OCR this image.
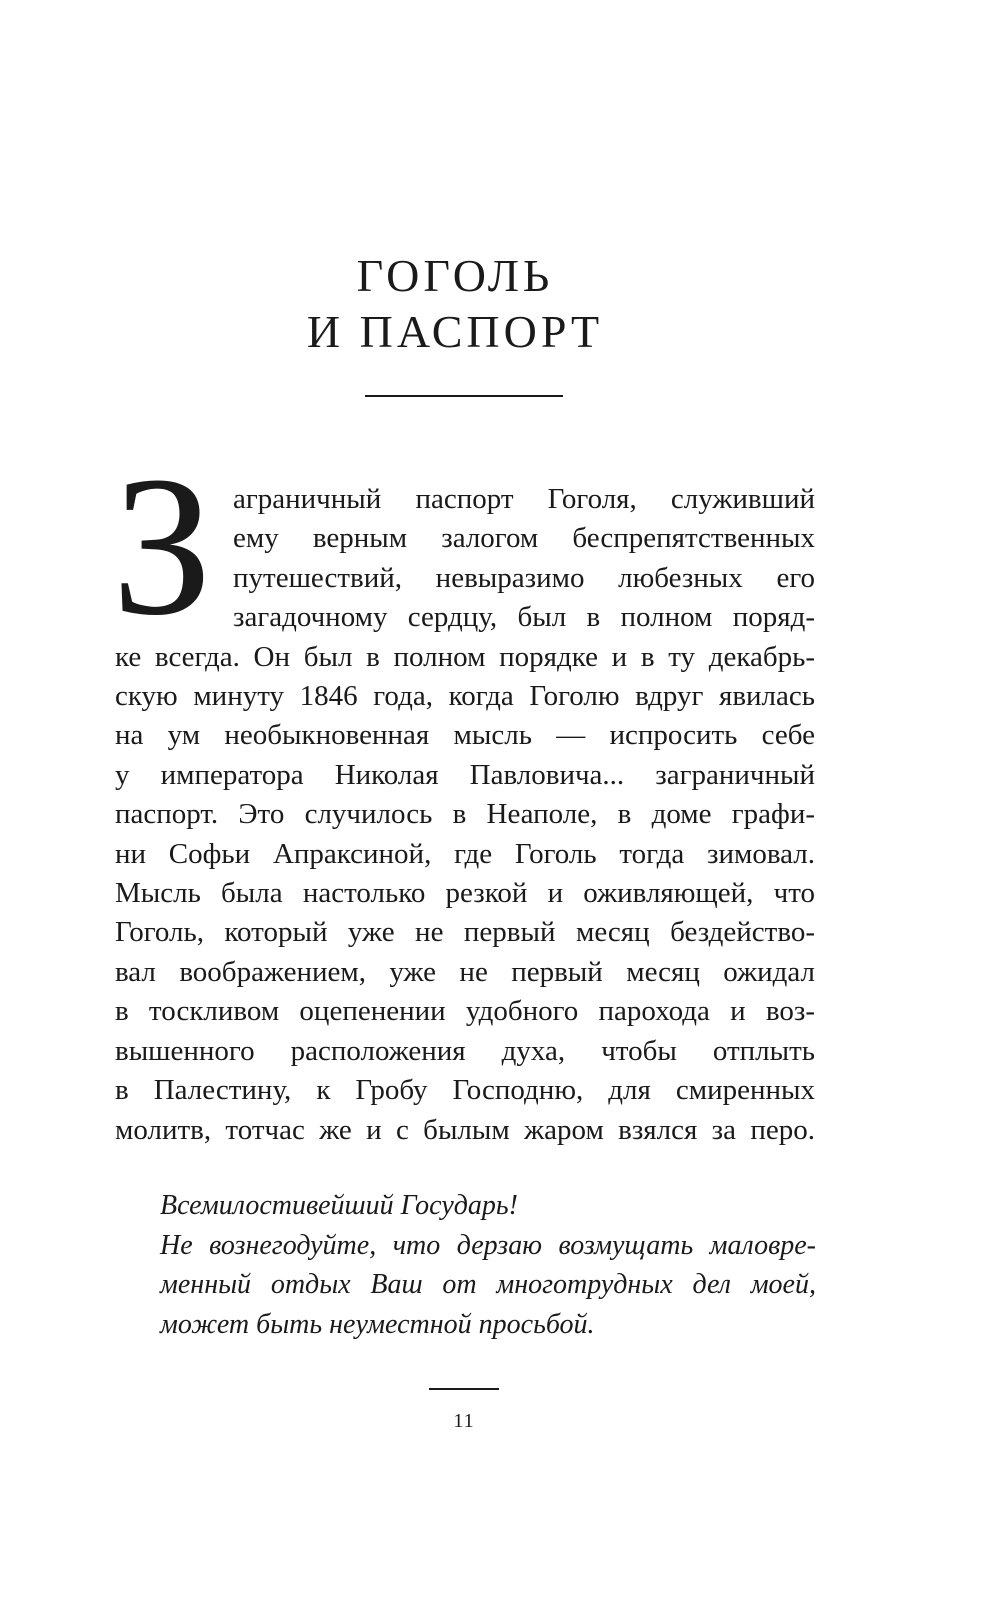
ГОГОЛЬ
И ПАСПОРТ
З аграничный паспорт Гоголя, служивший
ему верным залогом беспрепятственных
путешествий, невыразимо любезных его
загадочному сердцу, был в полном поряд-
ке всегда. Он был в полном порядке и в ту декабрь-
скую минуту 1846 года, когда Гоголю вдруг явилась
на ум необыкновенная мысль — испросить себе
у императора Николая Павловича... заграничный
паспорт. Это случилось в Неаполе, в доме графи-
ни Софьи Апраксиной, где Гоголь тогда зимовал.
Мысль была настолько резкой и оживляющей, что
Гоголь, который уже не первый месяц бездейство-
вал воображением, уже не первый месяц ожидал
в тоскливом оцепенении удобного парохода и воз-
вышенного расположения духа, чтобы отплыть
в Палестину, к Гробу Господню, для смиренных
молитв, тотчас же и с былым жаром взялся за перо.
Всемилостивейший Государь!
Не вознегодуйте, что дерзаю возмущать маловре-
менный отдых Ваш от многотрудных дел моей,
может быть неуместной просьбой.
11
